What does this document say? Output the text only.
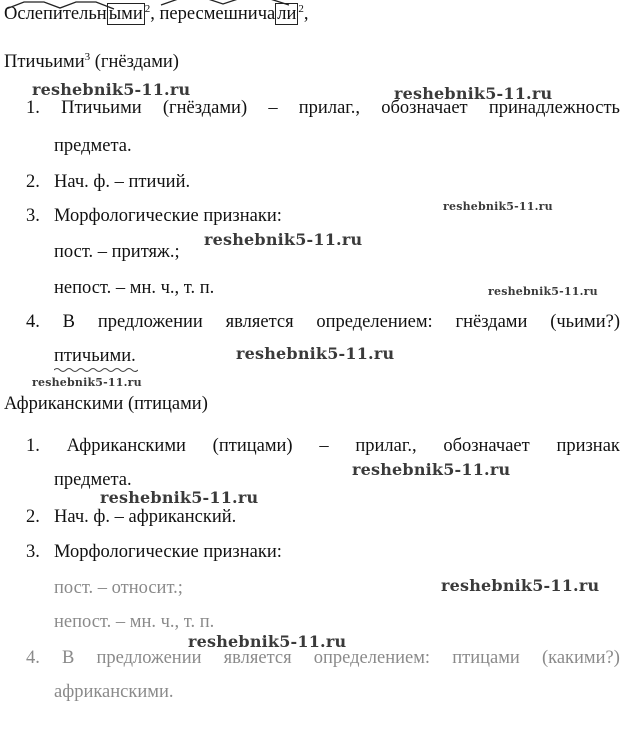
Ослепительн ыми $^2$,
пересмешнича ли $^2$,
Птичьими$^3$ (гнёздами)
1. Птичьими (гнёздами) – прилаг., обозначает принадлежность
предмета.
2. Нач. ф. – птичий.
3. Морфологические признаки:
пост. – притяж.;
непост. – мн. ч., т. п.
4. В предложении является определением: гнёздами (чьими?)
птичьими.
Африканскими (птицами)
1. Африканскими (птицами) – прилаг., обозначает признак
предмета.
2. Нач. ф. – африканский.
3. Морфологические признаки:
пост. – относит.;
непост. – мн. ч., т. п.
4. В предложении является определением: птицами (какими?)
африканскими.
reshebnik5-11.ru	reshebnik5-11.ru
reshebnik5-11.ru
reshebnik5-11.ru
reshebnik5-11.ru
reshebnik5-11.ru
reshebnik5-11.ru
reshebnik5-11.ru
reshebnik5-11.ru
reshebnik5-11.ru
reshebnik5-11.ru
